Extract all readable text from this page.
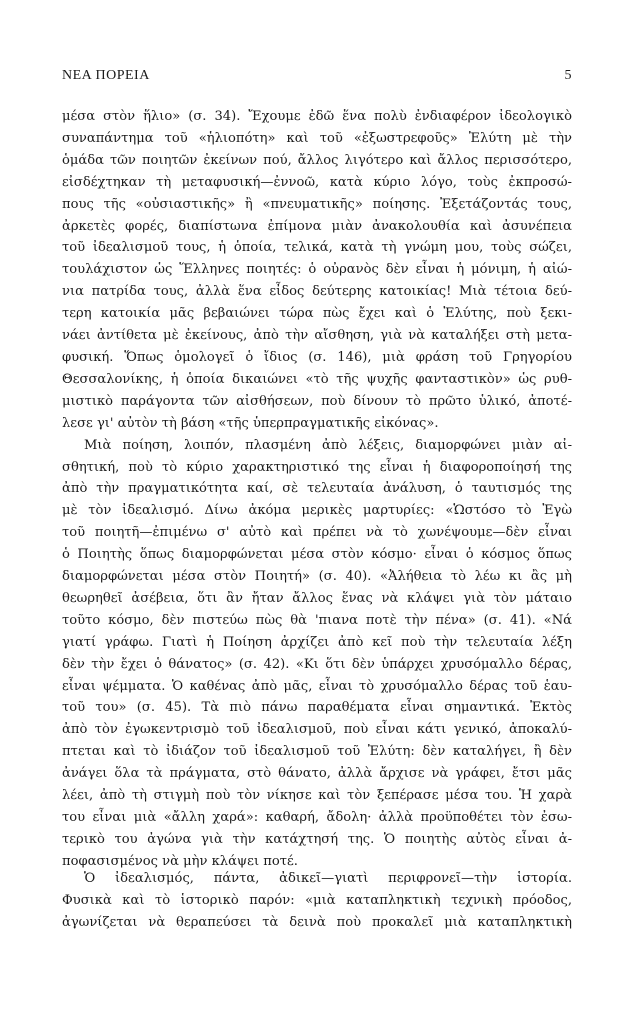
ΝΕΑ ΠΟΡΕΙΑ	5
μέσα στὸν ἥλιο» (σ. 34). Ἔχουμε ἐδῶ ἕνα πολὺ ἐνδιαφέρον ἰδεολογικὸ
συναπάντημα τοῦ «ἡλιοπότη» καὶ τοῦ «ἐξωστρεφοῦς» Ἐλύτη μὲ τὴν
ὁμάδα τῶν ποιητῶν ἐκείνων πού, ἄλλος λιγότερο καὶ ἄλλος περισσότερο,
εἰσδέχτηκαν τὴ μεταφυσική—ἐννοῶ, κατὰ κύριο λόγο, τοὺς ἐκπροσώ-
πους τῆς «οὐσιαστικῆς» ἢ «πνευματικῆς» ποίησης. Ἐξετάζοντάς τους,
ἀρκετὲς φορές, διαπίστωνα ἐπίμονα μιὰν ἀνακολουθία καὶ ἀσυνέπεια
τοῦ ἰδεαλισμοῦ τους, ἡ ὁποία, τελικά, κατὰ τὴ γνώμη μου, τοὺς σώζει,
τουλάχιστον ὡς Ἕλληνες ποιητές: ὁ οὐρανὸς δὲν εἶναι ἡ μόνιμη, ἡ αἰώ-
νια πατρίδα τους, ἀλλὰ ἕνα εἶδος δεύτερης κατοικίας! Μιὰ τέτοια δεύ-
τερη κατοικία μᾶς βεβαιώνει τώρα πὼς ἔχει καὶ ὁ Ἐλύτης, ποὺ ξεκι-
νάει ἀντίθετα μὲ ἐκείνους, ἀπὸ τὴν αἴσθηση, γιὰ νὰ καταλήξει στὴ μετα-
φυσική. Ὅπως ὁμολογεῖ ὁ ἴδιος (σ. 146), μιὰ φράση τοῦ Γρηγορίου
Θεσσαλονίκης, ἡ ὁποία δικαιώνει «τὸ τῆς ψυχῆς φανταστικὸν» ὡς ρυθ-
μιστικὸ παράγοντα τῶν αἰσθήσεων, ποὺ δίνουν τὸ πρῶτο ὑλικό, ἀποτέ-
λεσε γι' αὐτὸν τὴ βάση «τῆς ὑπερπραγματικῆς εἰκόνας».
Μιὰ ποίηση, λοιπόν, πλασμένη ἀπὸ λέξεις, διαμορφώνει μιὰν αἰ-
σθητική, ποὺ τὸ κύριο χαρακτηριστικό της εἶναι ἡ διαφοροποίησή της
ἀπὸ τὴν πραγματικότητα καί, σὲ τελευταία ἀνάλυση, ὁ ταυτισμός της
μὲ τὸν ἰδεαλισμό. Δίνω ἀκόμα μερικὲς μαρτυρίες: «Ὡστόσο τὸ Ἐγὼ
τοῦ ποιητῆ—ἐπιμένω σ' αὐτὸ καὶ πρέπει νὰ τὸ χωνέψουμε—δὲν εἶναι
ὁ Ποιητὴς ὅπως διαμορφώνεται μέσα στὸν κόσμο· εἶναι ὁ κόσμος ὅπως
διαμορφώνεται μέσα στὸν Ποιητή» (σ. 40). «Ἀλήθεια τὸ λέω κι ἂς μὴ
θεωρηθεῖ ἀσέβεια, ὅτι ἂν ἤταν ἄλλος ἕνας νὰ κλάψει γιὰ τὸν μάταιο
τοῦτο κόσμο, δὲν πιστεύω πὼς θὰ 'πιανα ποτὲ τὴν πένα» (σ. 41). «Νά
γιατί γράφω. Γιατὶ ἡ Ποίηση ἀρχίζει ἀπὸ κεῖ ποὺ τὴν τελευταία λέξη
δὲν τὴν ἔχει ὁ θάνατος» (σ. 42). «Κι ὅτι δὲν ὑπάρχει χρυσόμαλλο δέρας,
εἶναι ψέμματα. Ὁ καθένας ἀπὸ μᾶς, εἶναι τὸ χρυσόμαλλο δέρας τοῦ ἑαυ-
τοῦ του» (σ. 45). Τὰ πιὸ πάνω παραθέματα εἶναι σημαντικά. Ἐκτὸς
ἀπὸ τὸν ἐγωκεντρισμὸ τοῦ ἰδεαλισμοῦ, ποὺ εἶναι κάτι γενικό, ἀποκαλύ-
πτεται καὶ τὸ ἰδιάζον τοῦ ἰδεαλισμοῦ τοῦ Ἐλύτη: δὲν καταλήγει, ἢ δὲν
ἀνάγει ὅλα τὰ πράγματα, στὸ θάνατο, ἀλλὰ ἄρχισε νὰ γράφει, ἔτσι μᾶς
λέει, ἀπὸ τὴ στιγμὴ ποὺ τὸν νίκησε καὶ τὸν ξεπέρασε μέσα του. Ἡ χαρὰ
του εἶναι μιὰ «ἄλλη χαρά»: καθαρή, ἄδολη· ἀλλὰ προϋποθέτει τὸν ἐσω-
τερικὸ του ἀγώνα γιὰ τὴν κατάχτησή της. Ὁ ποιητὴς αὐτὸς εἶναι ἀ-
ποφασισμένος νὰ μὴν κλάψει ποτέ.
Ὁ ἰδεαλισμός, πάντα, ἀδικεῖ—γιατὶ περιφρονεῖ—τὴν ἱστορία.
Φυσικὰ καὶ τὸ ἱστορικὸ παρόν: «μιὰ καταπληκτικὴ τεχνικὴ πρόοδος,
ἀγωνίζεται νὰ θεραπεύσει τὰ δεινὰ ποὺ προκαλεῖ μιὰ καταπληκτικὴ
